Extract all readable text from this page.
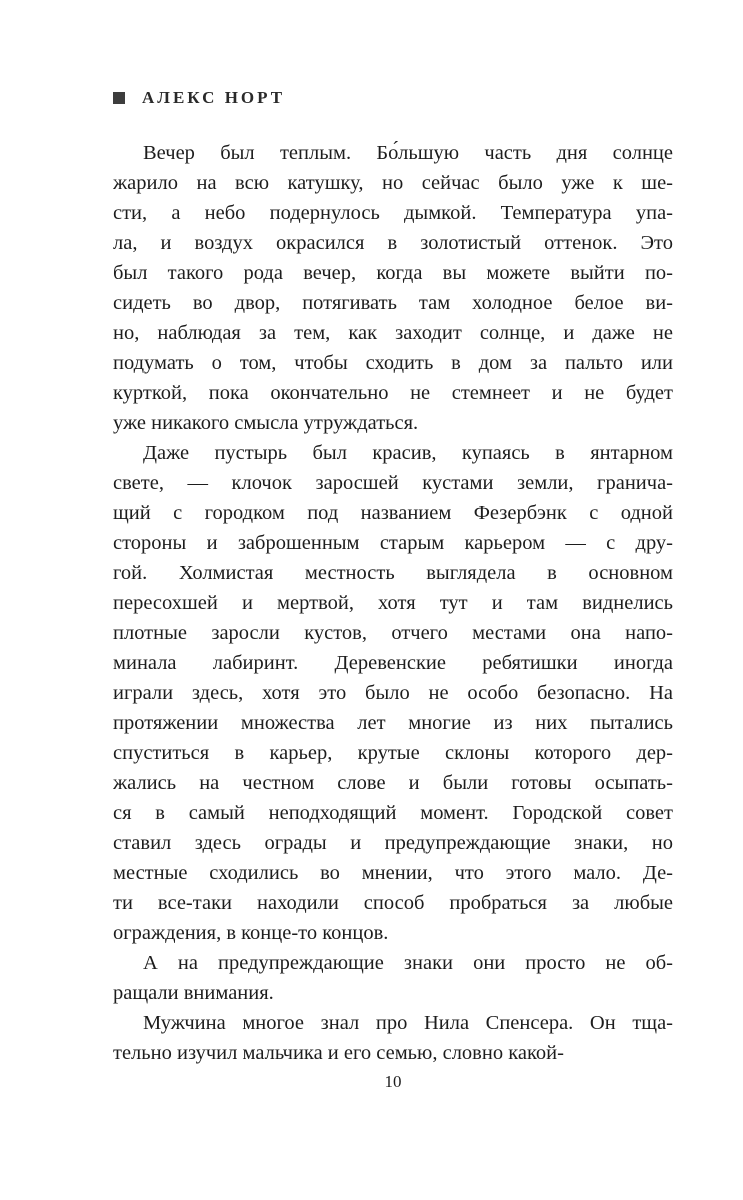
АЛЕКС НОРТ
Вечер был теплым. Бо́льшую часть дня солнце
жарило на всю катушку, но сейчас было уже к ше-
сти, а небо подернулось дымкой. Температура упа-
ла, и воздух окрасился в золотистый оттенок. Это
был такого рода вечер, когда вы можете выйти по-
сидеть во двор, потягивать там холодное белое ви-
но, наблюдая за тем, как заходит солнце, и даже не
подумать о том, чтобы сходить в дом за пальто или
курткой, пока окончательно не стемнеет и не будет
уже никакого смысла утруждаться.
Даже пустырь был красив, купаясь в янтарном
свете, — клочок заросшей кустами земли, гранича-
щий с городком под названием Фезербэнк с одной
стороны и заброшенным старым карьером — с дру-
гой. Холмистая местность выглядела в основном
пересохшей и мертвой, хотя тут и там виднелись
плотные заросли кустов, отчего местами она напо-
минала лабиринт. Деревенские ребятишки иногда
играли здесь, хотя это было не особо безопасно. На
протяжении множества лет многие из них пытались
спуститься в карьер, крутые склоны которого дер-
жались на честном слове и были готовы осыпать-
ся в самый неподходящий момент. Городской совет
ставил здесь ограды и предупреждающие знаки, но
местные сходились во мнении, что этого мало. Де-
ти все-таки находили способ пробраться за любые
ограждения, в конце-то концов.
А на предупреждающие знаки они просто не об-
ращали внимания.
Мужчина многое знал про Нила Спенсера. Он тща-
тельно изучил мальчика и его семью, словно какой-
10
